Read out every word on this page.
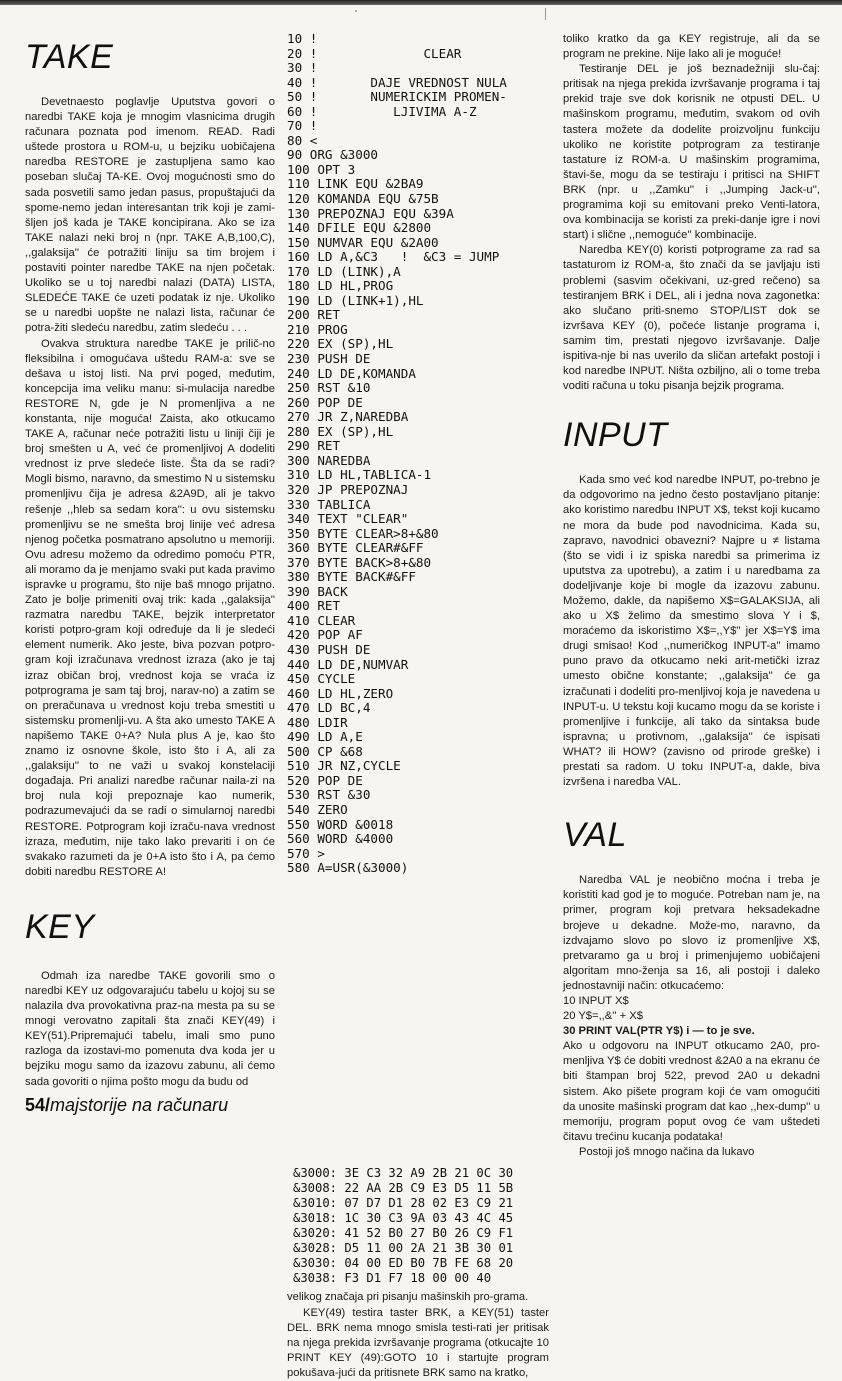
TAKE

Devetnaesto poglavlje Uputstva govori o naredbi TAKE koja je mnogim vlasnicima drugih računara poznata pod imenom. READ. Radi uštede prostora u ROM-u, u bejziku uobičajena naredba RESTORE je zastupljena samo kao poseban slučaj TA-KE. Ovoj mogućnosti smo do sada posvetili samo jedan pasus, propuštajući da spome-nemo jedan interesantan trik koji je zami-šljen još kada je TAKE koncipirana. Ako se iza TAKE nalazi neki broj n (npr. TAKE A,B,100,C), ,,galaksija'' će potražiti liniju sa tim brojem i postaviti pointer naredbe TAKE na njen početak. Ukoliko se u toj naredbi nalazi (DATA) LISTA, SLEDEĆE TAKE će uzeti podatak iz nje. Ukoliko se u naredbi uopšte ne nalazi lista, računar će potra-žiti sledeću naredbu, zatim sledeću . . .

Ovakva struktura naredbe TAKE je prilič-no fleksibilna i omogućava uštedu RAM-a: sve se dešava u istoj listi. Na prvi poged, međutim, koncepcija ima veliku manu: si-mulacija naredbe RESTORE N, gde je N promenljiva a ne konstanta, nije moguća! Zaista, ako otkucamo TAKE A, računar neće potražiti listu u liniji čiji je broj smešten u A, već će promenljivoj A dodeliti vrednost iz prve sledeće liste. Šta da se radi? Mogli bismo, naravno, da smestimo N u sistemsku promenljivu čija je adresa &2A9D, ali je takvo rešenje ,,hleb sa sedam kora'': u ovu sistemsku promenljivu se ne smešta broj linije već adresa njenog početka posmatrano apsolutno u memoriji. Ovu adresu možemo da odredimo pomoću PTR, ali moramo da je menjamo svaki put kada pravimo ispravke u programu, što nije baš mnogo prijatno. Zato je bolje primeniti ovaj trik: kada ,,galaksija'' razmatra naredbu TAKE, bejzik interpretator koristi potpro-gram koji određuje da li je sledeći element numerik. Ako jeste, biva pozvan potpro-gram koji izračunava vrednost izraza (ako je taj izraz običan broj, vrednost koja se vraća iz potprograma je sam taj broj, narav-no) a zatim se on preračunava u vrednost koju treba smestiti u sistemsku promenlji-vu. A šta ako umesto TAKE A napišemo TAKE 0+A? Nula plus A je, kao što znamo iz osnovne škole, isto što i A, ali za ,,galaksiju'' to ne važi u svakoj konstelaciji događaja. Pri analizi naredbe računar naila-zi na broj nula koji prepoznaje kao numerik, podrazumevajući da se radi o simularnoj naredbi RESTORE. Potprogram koji izraču-nava vrednost izraza, međutim, nije tako lako prevariti i on će svakako razumeti da je 0+A isto što i A, pa ćemo dobiti naredbu RESTORE A!

KEY

Odmah iza naredbe TAKE govorili smo o naredbi KEY uz odgovarajuću tabelu u kojoj su se nalazila dva provokativna praz-na mesta pa su se mnogi verovatno zapitali šta znači KEY(49) i KEY(51).Pripremajući tabelu, imali smo puno razloga da izostavi-mo pomenuta dva koda jer u bejziku mogu samo da izazovu zabunu, ali ćemo sada govoriti o njima pošto mogu da budu od

10 !
20 !              CLEAR
30 !
40 !       DAJE VREDNOST NULA
50 !       NUMERICKIM PROMEN-
60 !          LJIVIMA A-Z
70 !
80 <
90 ORG &3000
100 OPT 3
110 LINK EQU &2BA9
120 KOMANDA EQU &75B
130 PREPOZNAJ EQU &39A
140 DFILE EQU &2800
150 NUMVAR EQU &2A00
160 LD A,&C3   !  &C3 = JUMP
170 LD (LINK),A
180 LD HL,PROG
190 LD (LINK+1),HL
200 RET
210 PROG
220 EX (SP),HL
230 PUSH DE
240 LD DE,KOMANDA
250 RST &10
260 POP DE
270 JR Z,NAREDBA
280 EX (SP),HL
290 RET
300 NAREDBA
310 LD HL,TABLICA-1
320 JP PREPOZNAJ
330 TABLICA
340 TEXT "CLEAR"
350 BYTE CLEAR>8+&80
360 BYTE CLEAR#&FF
370 BYTE BACK>8+&80
380 BYTE BACK#&FF
390 BACK
400 RET
410 CLEAR
420 POP AF
430 PUSH DE
440 LD DE,NUMVAR
450 CYCLE
460 LD HL,ZERO
470 LD BC,4
480 LDIR
490 LD A,E
500 CP &68
510 JR NZ,CYCLE
520 POP DE
530 RST &30
540 ZERO
550 WORD &0018
560 WORD &4000
570 >
580 A=USR(&3000)
&3000: 3E C3 32 A9 2B 21 0C 30
&3008: 22 AA 2B C9 E3 D5 11 5B
&3010: 07 D7 D1 28 02 E3 C9 21
&3018: 1C 30 C3 9A 03 43 4C 45
&3020: 41 52 B0 27 B0 26 C9 F1
&3028: D5 11 00 2A 21 3B 30 01
&3030: 04 00 ED B0 7B FE 68 20
&3038: F3 D1 F7 18 00 00 40

velikog značaja pri pisanju mašinskih pro-grama.

KEY(49) testira taster BRK, a KEY(51) taster DEL. BRK nema mnogo smisla testi-rati jer pritisak na njega prekida izvršavanje programa (otkucajte 10 PRINT KEY (49):GOTO 10 i startujte program pokušava-jući da pritisnete BRK samo na kratko,

toliko kratko da ga KEY registruje, ali da se program ne prekine. Nije lako ali je moguće!

Testiranje DEL je još beznadežniji slu-čaj: pritisak na njega prekida izvršavanje programa i taj prekid traje sve dok korisnik ne otpusti DEL. U mašinskom programu, međutim, svakom od ovih tastera možete da dodelite proizvoljnu funkciju ukoliko ne koristite potprogram za testiranje tastature iz ROM-a. U mašinskim programima, štavi-še, mogu da se testiraju i pritisci na SHIFT BRK (npr. u ,,Zamku'' i ,,Jumping Jack-u'', programima koji su emitovani preko Venti-latora, ova kombinacija se koristi za preki-danje igre i novi start) i slične ,,nemoguće'' kombinacije.

Naredba KEY(0) koristi potprograme za rad sa tastaturom iz ROM-a, što znači da se javljaju isti problemi (sasvim očekivani, uz-gred rečeno) sa testiranjem BRK i DEL, ali i jedna nova zagonetka: ako slučano priti-snemo STOP/LIST dok se izvršava KEY (0), počeće listanje programa i, samim tim, prestati njegovo izvršavanje. Dalje ispitiva-nje bi nas uverilo da sličan artefakt postoji i kod naredbe INPUT. Ništa ozbiljno, ali o tome treba voditi računa u toku pisanja bejzik programa.

INPUT

Kada smo već kod naredbe INPUT, po-trebno je da odgovorimo na jedno često postavljano pitanje: ako koristimo naredbu INPUT X$, tekst koji kucamo ne mora da bude pod navodnicima. Kada su, zapravo, navodnici obavezni? Najpre u ≠ listama (što se vidi i iz spiska naredbi sa primerima iz uputstva za upotrebu), a zatim i u naredbama za dodeljivanje koje bi mogle da izazovu zabunu. Možemo, dakle, da napišemo X$=GALAKSIJA, ali ako u X$ želimo da smestimo slova Y i $, moraćemo da iskoristimo X$=,,Y$'' jer X$=Y$ ima drugi smisao! Kod ,,numeričkog INPUT-a'' imamo puno pravo da otkucamo neki arit-metički izraz umesto obične konstante; ,,galaksija'' će ga izračunati i dodeliti pro-menljivoj koja je navedena u INPUT-u. U tekstu koji kucamo mogu da se koriste i promenljive i funkcije, ali tako da sintaksa bude ispravna; u protivnom, ,,galaksija'' će ispisati WHAT? ili HOW? (zavisno od prirode greške) i prestati sa radom. U toku INPUT-a, dakle, biva izvršena i naredba VAL.

VAL

Naredba VAL je neobično moćna i treba je koristiti kad god je to moguće. Potreban nam je, na primer, program koji pretvara heksadekadne brojeve u dekadne. Može-mo, naravno, da izdvajamo slovo po slovo iz promenljive X$, pretvaramo ga u broj i primenjujemo uobičajeni algoritam mno-ženja sa 16, ali postoji i daleko jednostavniji način: otkucaćemo:

10 INPUT X$

20 Y$=,,&'' + X$

30 PRINT VAL(PTR Y$) i — to je sve.

Ako u odgovoru na INPUT otkucamo 2A0, pro-menljiva Y$ će dobiti vrednost &2A0 a na ekranu će biti štampan broj 522, prevod 2A0 u dekadni sistem. Ako pišete program koji će vam omogućiti da unosite mašinski program dat kao ,,hex-dump'' u memoriju, program poput ovog će vam uštedeti čitavu trećinu kucanja podataka!

Postoji još mnogo načina da lukavo

54/majstorije na računaru
